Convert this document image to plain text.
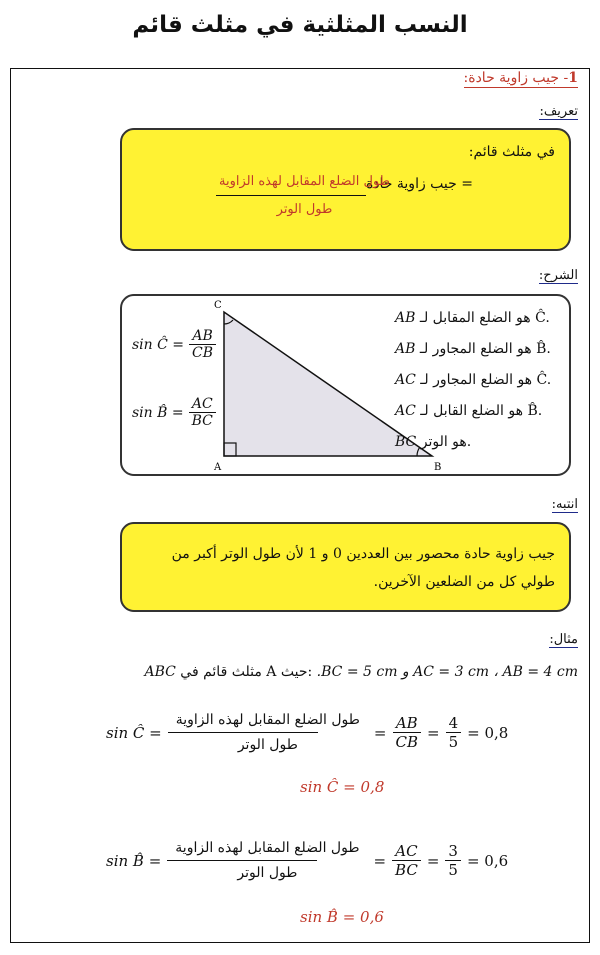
النسب المثلثية في مثلث قائم
1- جيب زاوية حادة:
تعريف:
في مثلث قائم:
جيب زاوية حادة =
طول الضلع المقابل لهذه الزاوية
طول الوتر
الشرح:
C
A	B
sin Ĉ = $\frac{AB}{CB}$
sin B̂ = $\frac{AC}{BC}$
AB هو الضلع المقابل لـ Ĉ.
AB هو الضلع المجاور لـ B̂.
AC هو الضلع المجاور لـ Ĉ.
AC هو الضلع القابل لـ B̂.
BC هو الوتر.
انتبه:
جيب زاوية حادة محصور بين العددين 0 و 1 لأن طول الوتر أكبر من طولي كل من الضلعين الآخرين.
مثال:
ABC مثلث قائم في A حيث: .BC = 5 cm و AC = 3 cm ، AB = 4 cm
sin Ĉ = $\frac{\text{طول الضلع المقابل لهذه الزاوية}}{\text{طول الوتر}} = \frac{AB}{CB} = \frac{4}{5} = 0,8$
sin Ĉ = 0,8
sin B̂ = $\frac{\text{طول الضلع المقابل لهذه الزاوية}}{\text{طول الوتر}} = \frac{AC}{BC} = \frac{3}{5} = 0,6$
sin B̂ = 0,6
